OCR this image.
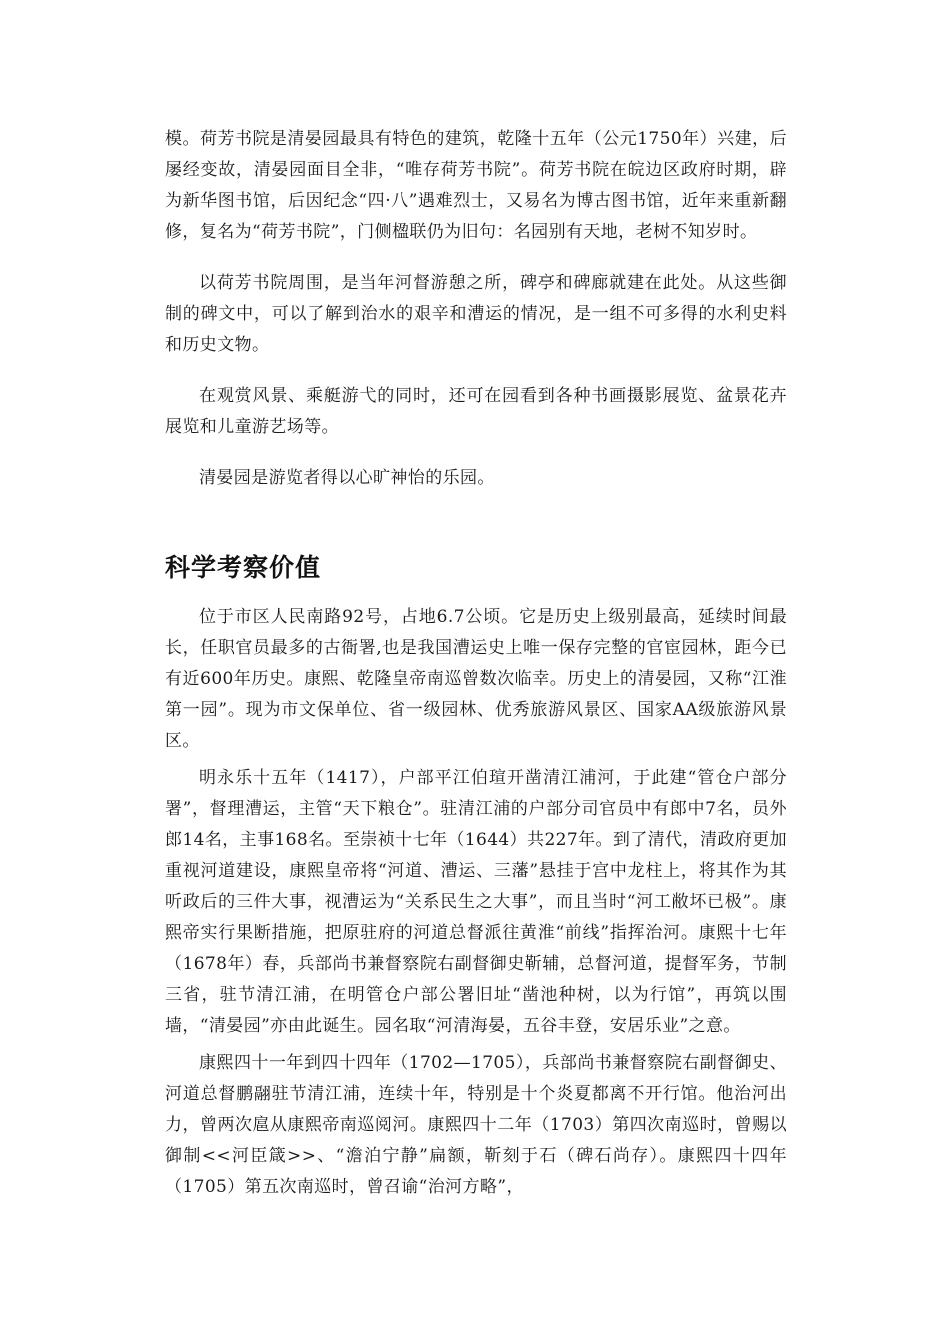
模。荷芳书院是清晏园最具有特色的建筑，乾隆十五年（公元1750年）兴建，后屡经变故，清晏园面目全非，“唯存荷芳书院”。荷芳书院在皖边区政府时期，辟为新华图书馆，后因纪念“四·八”遇难烈士，又易名为博古图书馆，近年来重新翻修，复名为“荷芳书院”，门侧楹联仍为旧句：名园别有天地，老树不知岁时。

以荷芳书院周围，是当年河督游憩之所，碑亭和碑廊就建在此处。从这些御制的碑文中，可以了解到治水的艰辛和漕运的情况，是一组不可多得的水利史料和历史文物。

在观赏风景、乘艇游弋的同时，还可在园看到各种书画摄影展览、盆景花卉展览和儿童游艺场等。

清晏园是游览者得以心旷神怡的乐园。

科学考察价值

位于市区人民南路92号，占地6.7公顷。它是历史上级别最高，延续时间最长，任职官员最多的古衙署,也是我国漕运史上唯一保存完整的官宦园林，距今已有近600年历史。康熙、乾隆皇帝南巡曾数次临幸。历史上的清晏园，又称“江淮第一园”。现为市文保单位、省一级园林、优秀旅游风景区、国家AA级旅游风景区。

明永乐十五年（1417），户部平江伯瑄开凿清江浦河，于此建“管仓户部分署”，督理漕运，主管“天下粮仓”。驻清江浦的户部分司官员中有郎中7名，员外郎14名，主事168名。至崇祯十七年（1644）共227年。到了清代，清政府更加重视河道建设，康熙皇帝将“河道、漕运、三藩”悬挂于宫中龙柱上，将其作为其听政后的三件大事，视漕运为“关系民生之大事”，而且当时“河工敝坏已极”。康熙帝实行果断措施，把原驻府的河道总督派往黄淮“前线”指挥治河。康熙十七年（1678年）春，兵部尚书兼督察院右副督御史靳辅，总督河道，提督军务，节制三省，驻节清江浦，在明管仓户部公署旧址“凿池种树，以为行馆”，再筑以围墙，“清晏园”亦由此诞生。园名取“河清海晏，五谷丰登，安居乐业”之意。

康熙四十一年到四十四年（1702—1705），兵部尚书兼督察院右副督御史、河道总督鹏翮驻节清江浦，连续十年，特别是十个炎夏都离不开行馆。他治河出力，曾两次扈从康熙帝南巡阅河。康熙四十二年（1703）第四次南巡时，曾赐以御制<<河臣箴>>、“澹泊宁静”扁额，靳刻于石（碑石尚存）。康熙四十四年（1705）第五次南巡时，曾召谕“治河方略”，
